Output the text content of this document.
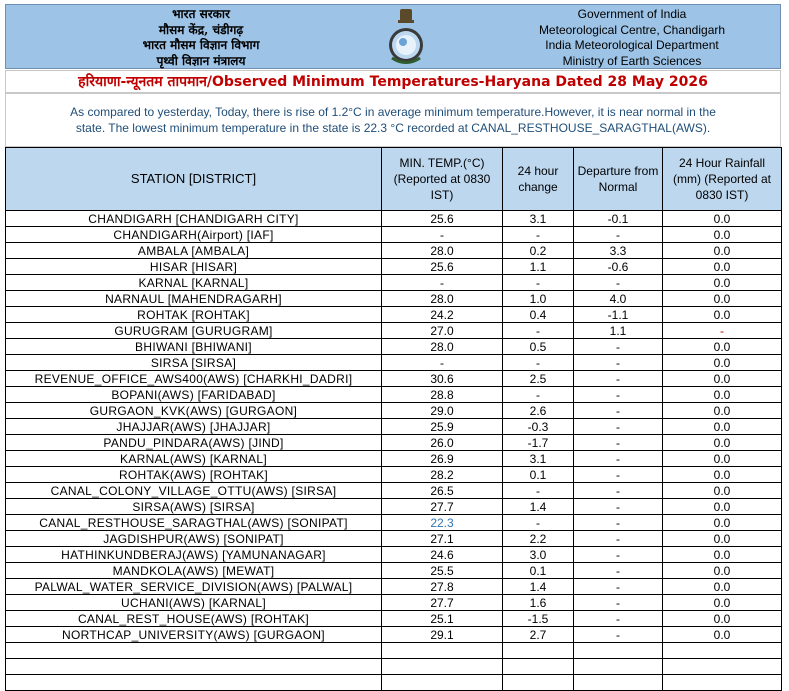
भारत सरकार
मौसम केंद्र, चंडीगढ़
भारत मौसम विज्ञान विभाग
पृथ्वी विज्ञान मंत्रालय
Government of India
Meteorological Centre, Chandigarh
India Meteorological Department
Ministry of Earth Sciences
हरियाणा-न्यूनतम तापमान/Observed Minimum Temperatures-Haryana Dated 28 May 2026
As compared to yesterday, Today, there is rise of 1.2°C in average minimum temperature.However, it is near normal in the
state. The lowest minimum temperature in the state is 22.3 °C recorded at CANAL_RESTHOUSE_SARAGTHAL(AWS).
STATION [DISTRICT]	MIN. TEMP.(°C) (Reported at 0830 IST)	24 hour change	Departure from Normal	24 Hour Rainfall (mm) (Reported at 0830 IST)
CHANDIGARH [CHANDIGARH CITY]	25.6	3.1	-0.1	0.0
CHANDIGARH(Airport) [IAF]	-	-	-	0.0
AMBALA [AMBALA]	28.0	0.2	3.3	0.0
HISAR [HISAR]	25.6	1.1	-0.6	0.0
KARNAL [KARNAL]	-	-	-	0.0
NARNAUL [MAHENDRAGARH]	28.0	1.0	4.0	0.0
ROHTAK [ROHTAK]	24.2	0.4	-1.1	0.0
GURUGRAM [GURUGRAM]	27.0	-	1.1	-
BHIWANI [BHIWANI]	28.0	0.5	-	0.0
SIRSA [SIRSA]	-	-	-	0.0
REVENUE_OFFICE_AWS400(AWS) [CHARKHI_DADRI]	30.6	2.5	-	0.0
BOPANI(AWS) [FARIDABAD]	28.8	-	-	0.0
GURGAON_KVK(AWS) [GURGAON]	29.0	2.6	-	0.0
JHAJJAR(AWS) [JHAJJAR]	25.9	-0.3	-	0.0
PANDU_PINDARA(AWS) [JIND]	26.0	-1.7	-	0.0
KARNAL(AWS) [KARNAL]	26.9	3.1	-	0.0
ROHTAK(AWS) [ROHTAK]	28.2	0.1	-	0.0
CANAL_COLONY_VILLAGE_OTTU(AWS) [SIRSA]	26.5	-	-	0.0
SIRSA(AWS) [SIRSA]	27.7	1.4	-	0.0
CANAL_RESTHOUSE_SARAGTHAL(AWS) [SONIPAT]	22.3	-	-	0.0
JAGDISHPUR(AWS) [SONIPAT]	27.1	2.2	-	0.0
HATHINKUNDBERAJ(AWS) [YAMUNANAGAR]	24.6	3.0	-	0.0
MANDKOLA(AWS) [MEWAT]	25.5	0.1	-	0.0
PALWAL_WATER_SERVICE_DIVISION(AWS) [PALWAL]	27.8	1.4	-	0.0
UCHANI(AWS) [KARNAL]	27.7	1.6	-	0.0
CANAL_REST_HOUSE(AWS) [ROHTAK]	25.1	-1.5	-	0.0
NORTHCAP_UNIVERSITY(AWS) [GURGAON]	29.1	2.7	-	0.0
